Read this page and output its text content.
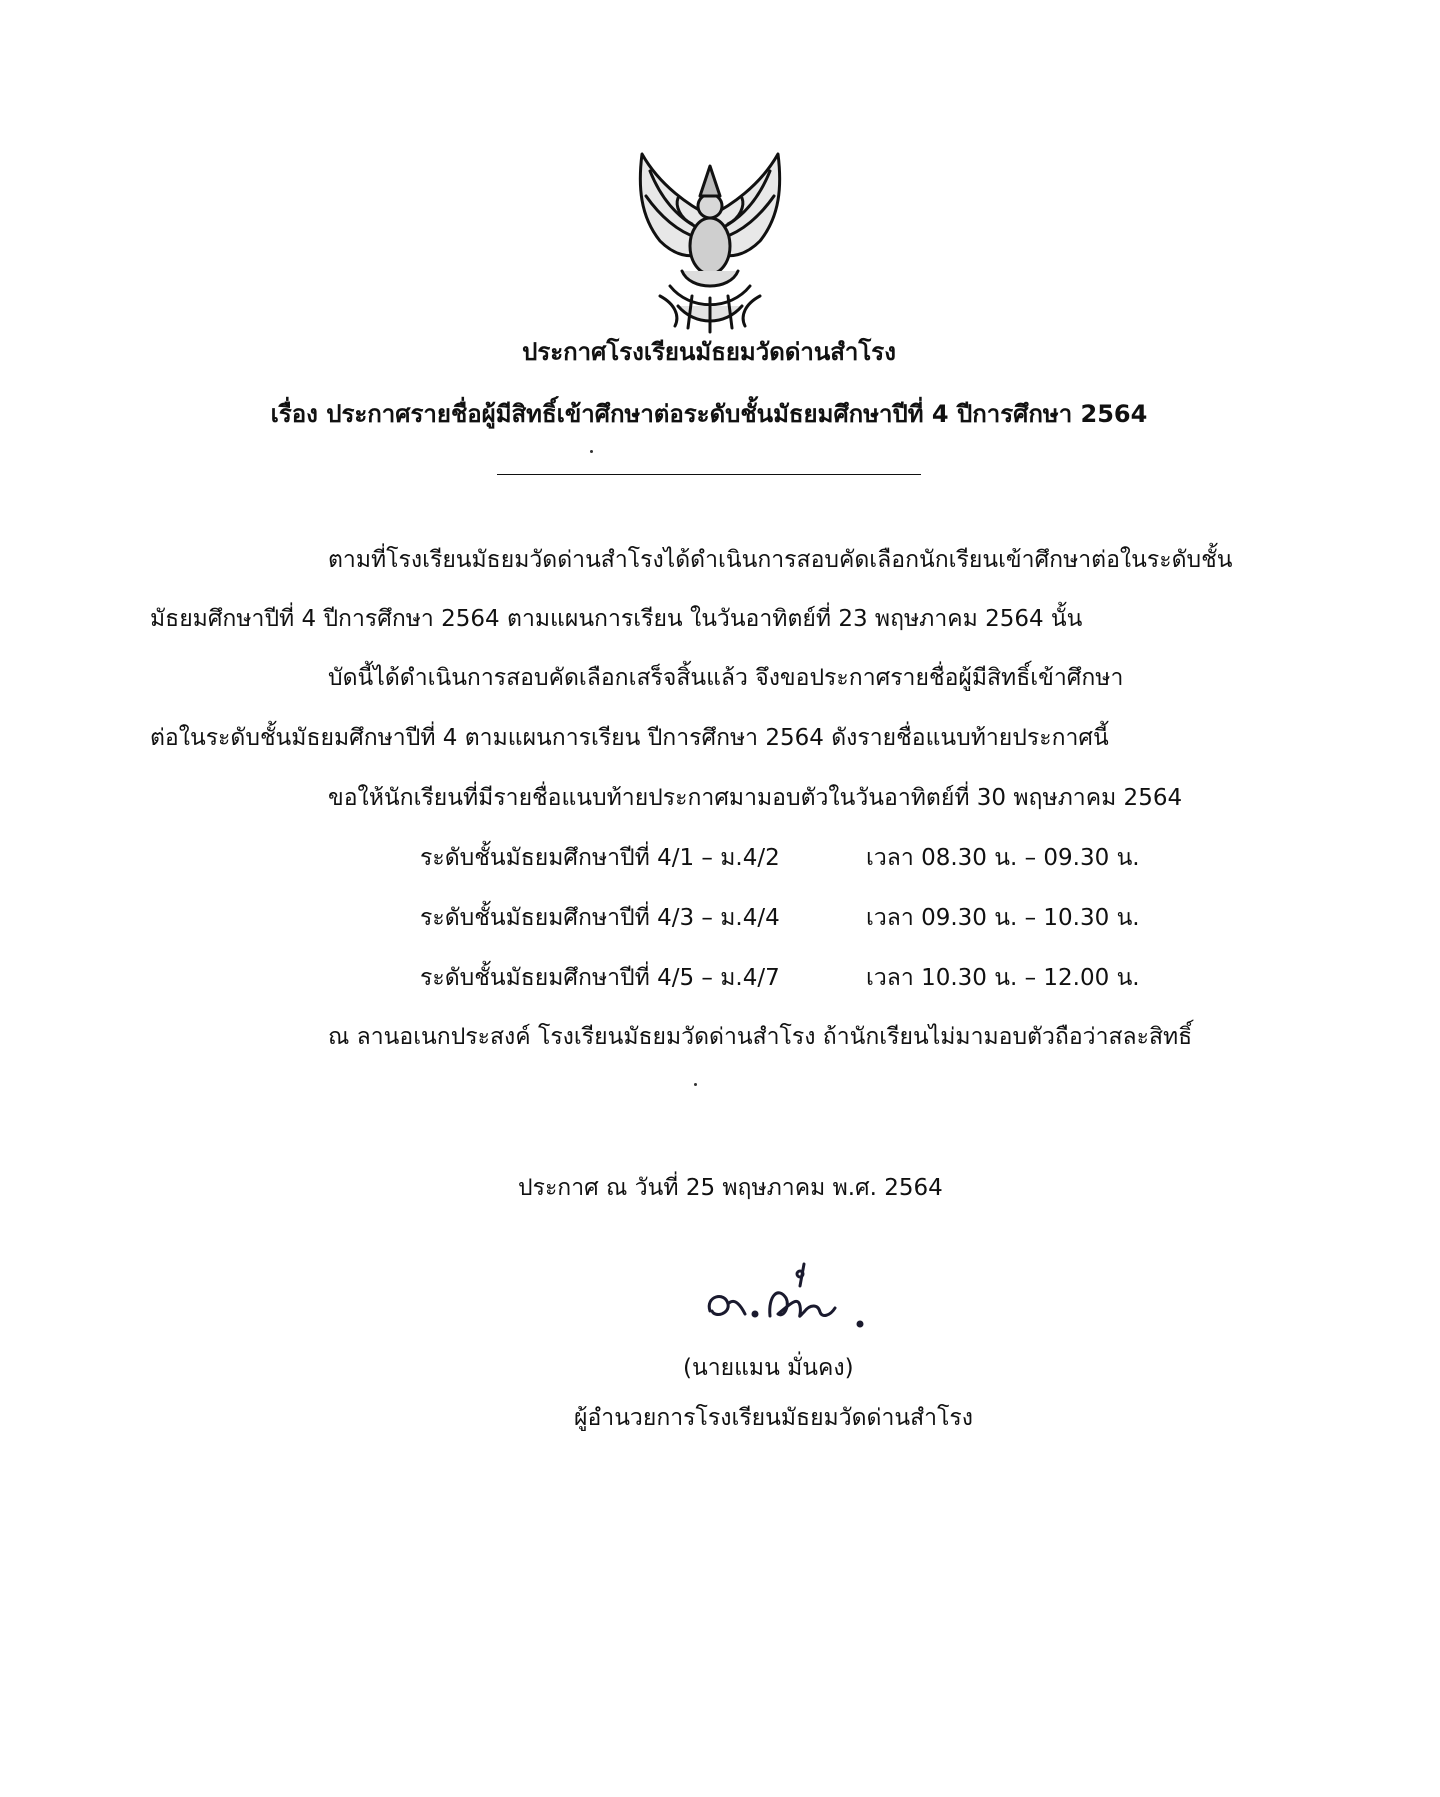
ประกาศโรงเรียนมัธยมวัดด่านสำโรง
เรื่อง ประกาศรายชื่อผู้มีสิทธิ์เข้าศึกษาต่อระดับชั้นมัธยมศึกษาปีที่ 4 ปีการศึกษา 2564
ตามที่โรงเรียนมัธยมวัดด่านสำโรงได้ดำเนินการสอบคัดเลือกนักเรียนเข้าศึกษาต่อในระดับชั้น
มัธยมศึกษาปีที่ 4 ปีการศึกษา 2564 ตามแผนการเรียน ในวันอาทิตย์ที่ 23 พฤษภาคม 2564 นั้น
บัดนี้ได้ดำเนินการสอบคัดเลือกเสร็จสิ้นแล้ว จึงขอประกาศรายชื่อผู้มีสิทธิ์เข้าศึกษา
ต่อในระดับชั้นมัธยมศึกษาปีที่ 4 ตามแผนการเรียน ปีการศึกษา 2564 ดังรายชื่อแนบท้ายประกาศนี้
ขอให้นักเรียนที่มีรายชื่อแนบท้ายประกาศมามอบตัวในวันอาทิตย์ที่ 30 พฤษภาคม 2564
ระดับชั้นมัธยมศึกษาปีที่ 4/1 – ม.4/2	เวลา 08.30 น. – 09.30 น.
ระดับชั้นมัธยมศึกษาปีที่ 4/3 – ม.4/4	เวลา 09.30 น. – 10.30 น.
ระดับชั้นมัธยมศึกษาปีที่ 4/5 – ม.4/7	เวลา 10.30 น. – 12.00 น.
ณ ลานอเนกประสงค์ โรงเรียนมัธยมวัดด่านสำโรง ถ้านักเรียนไม่มามอบตัวถือว่าสละสิทธิ์
ประกาศ ณ วันที่ 25 พฤษภาคม พ.ศ. 2564
(นายแมน มั่นคง)
ผู้อำนวยการโรงเรียนมัธยมวัดด่านสำโรง
